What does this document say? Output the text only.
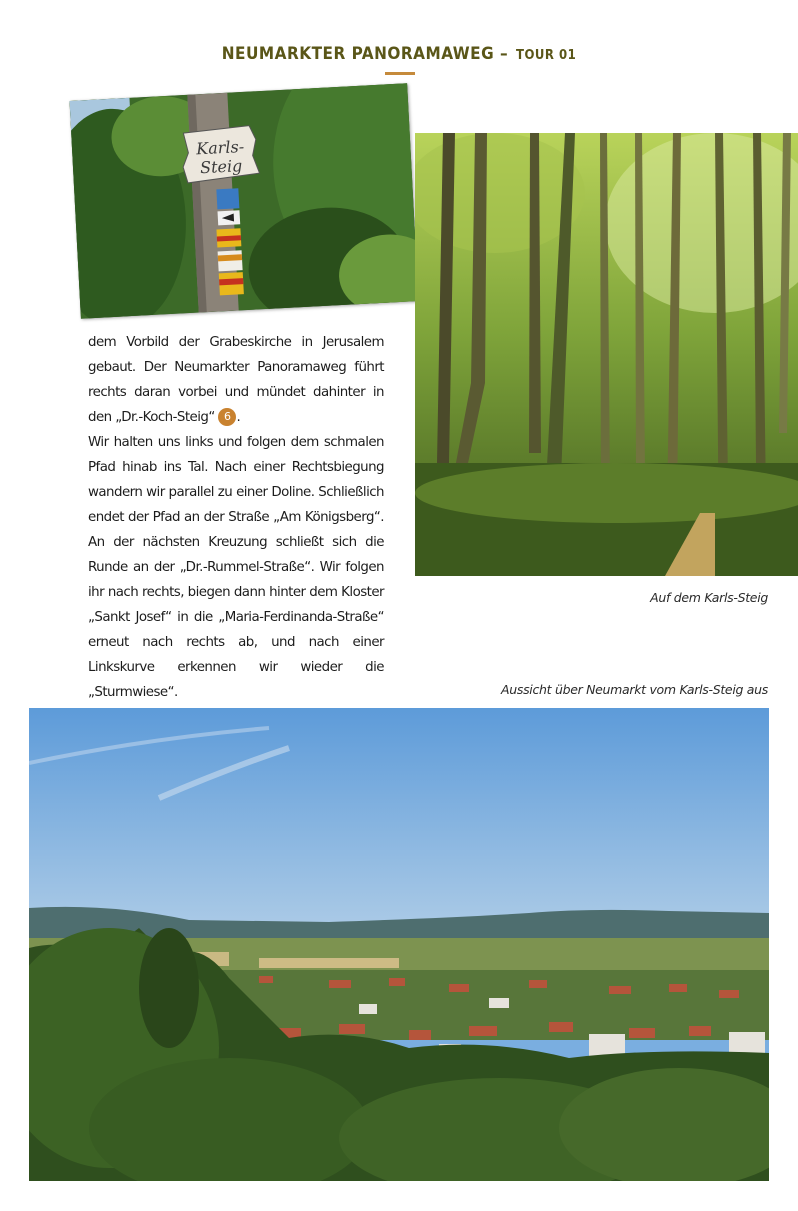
NEUMARKTER PANORAMAWEG – TOUR 01
Karls-
Steig

dem Vorbild der Grabeskirche in Jerusalem gebaut. Der Neumarkter Panoramaweg führt rechts daran vorbei und mündet dahinter in den „Dr.-Koch-Steig“ 6 .

Wir halten uns links und folgen dem schmalen Pfad hinab ins Tal. Nach einer Rechtsbiegung wandern wir parallel zu einer Doline. Schließlich endet der Pfad an der Straße „Am Königsberg“. An der nächsten Kreuzung schließt sich die Runde an der „Dr.-Rummel-Straße“. Wir folgen ihr nach rechts, biegen dann hinter dem Kloster „Sankt Josef“ in die „Maria-Ferdinanda-Straße“ erneut nach rechts ab, und nach einer Linkskurve erkennen wir wieder die „Sturmwiese“.

Auf dem Karls-Steig
Aussicht über Neumarkt vom Karls-Steig aus
